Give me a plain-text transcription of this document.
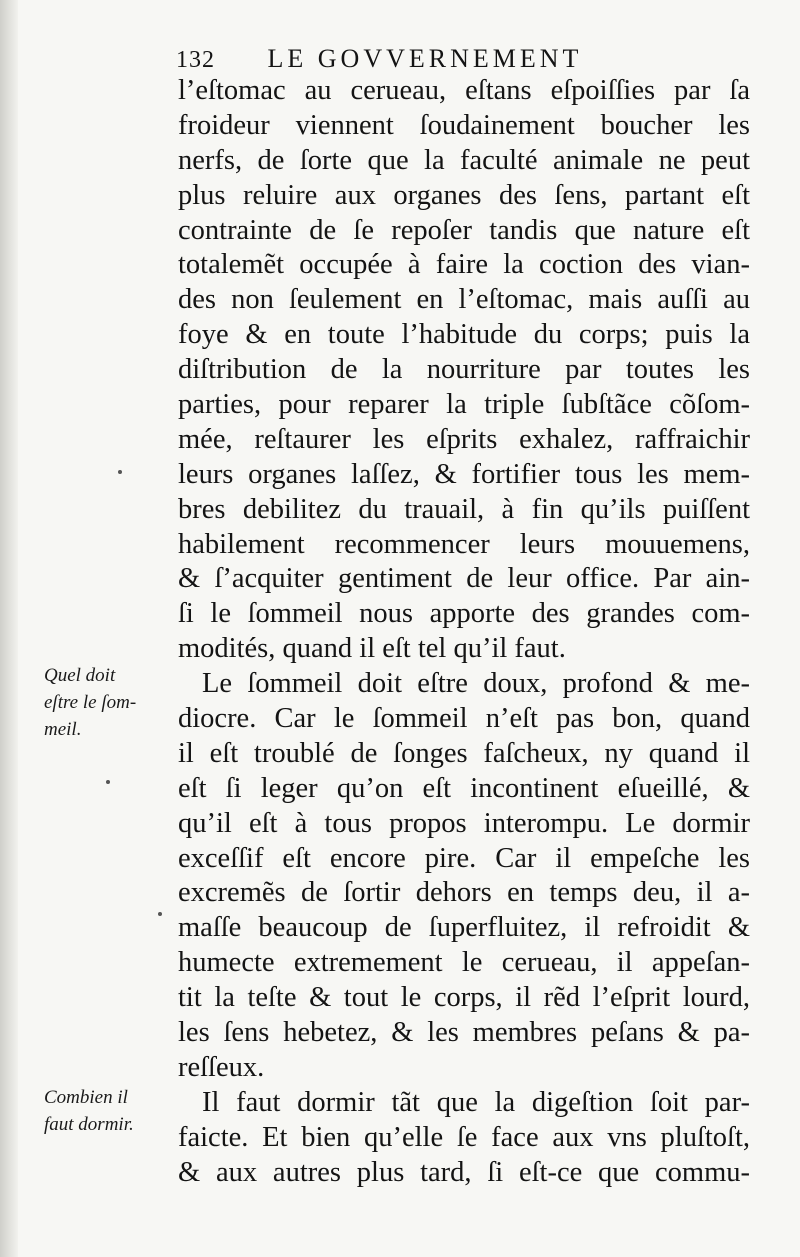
132 LE GOVVERNEMENT
l’eſtomac au cerueau, eſtans eſpoiſſies par ſa
froideur viennent ſoudainement boucher les
nerfs, de ſorte que la faculté animale ne peut
plus reluire aux organes des ſens, partant eſt
contrainte de ſe repoſer tandis que nature eſt
totalemẽt occupée à faire la coction des vian-
des non ſeulement en l’eſtomac, mais auſſi au
foye & en toute l’habitude du corps; puis la
diſtribution de la nourriture par toutes les
parties, pour reparer la triple ſubſtãce cõſom-
mée, reſtaurer les eſprits exhalez, raffraichir
leurs organes laſſez, & fortifier tous les mem-
bres debilitez du trauail, à fin qu’ils puiſſent
habilement recommencer leurs mouuemens,
& ſ’acquiter gentiment de leur office. Par ain-
ſi le ſommeil nous apporte des grandes com-
modités, quand il eſt tel qu’il faut.
Le ſommeil doit eſtre doux, profond & me-
diocre. Car le ſommeil n’eſt pas bon, quand
il eſt troublé de ſonges faſcheux, ny quand il
eſt ſi leger qu’on eſt incontinent eſueillé, &
qu’il eſt à tous propos interompu. Le dormir
exceſſif eſt encore pire. Car il empeſche les
excremẽs de ſortir dehors en temps deu, il a-
maſſe beaucoup de ſuperfluitez, il refroidit &
humecte extremement le cerueau, il appeſan-
tit la teſte & tout le corps, il rẽd l’eſprit lourd,
les ſens hebetez, & les membres peſans & pa-
reſſeux.
Il faut dormir tãt que la digeſtion ſoit par-
faicte. Et bien qu’elle ſe face aux vns pluſtoſt,
& aux autres plus tard, ſi eſt-ce que commu-
Quel doit
eſtre le ſom-
meil.
Combien il
faut dormir.
